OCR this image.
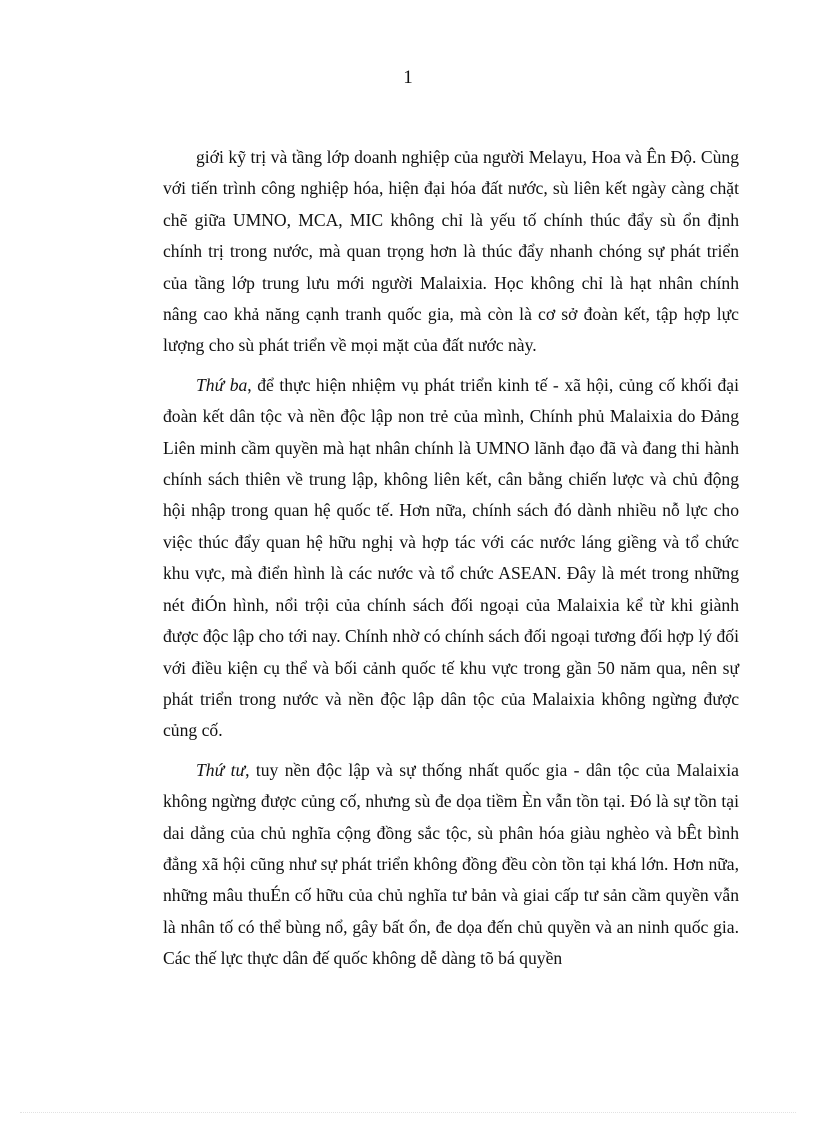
1

giới kỹ trị và tầng lớp doanh nghiệp của người Melayu, Hoa và Ên Độ. Cùng với tiến trình công nghiệp hóa, hiện đại hóa đất nước, sù liên kết ngày càng chặt chẽ giữa UMNO, MCA, MIC không chỉ là yếu tố chính thúc đẩy sù ổn định chính trị trong nước, mà quan trọng hơn là thúc đẩy nhanh chóng sự phát triển của tầng lớp trung lưu mới người Malaixia. Học không chỉ là hạt nhân chính nâng cao khả năng cạnh tranh quốc gia, mà còn là cơ sở đoàn kết, tập hợp lực lượng cho sù phát triển về mọi mặt của đất nước này.

Thứ ba, để thực hiện nhiệm vụ phát triển kinh tế - xã hội, củng cố khối đại đoàn kết dân tộc và nền độc lập non trẻ của mình, Chính phủ Malaixia do Đảng Liên minh cầm quyền mà hạt nhân chính là UMNO lãnh đạo đã và đang thi hành chính sách thiên về trung lập, không liên kết, cân bằng chiến lược và chủ động hội nhập trong quan hệ quốc tế. Hơn nữa, chính sách đó dành nhiều nỗ lực cho việc thúc đẩy quan hệ hữu nghị và hợp tác với các nước láng giềng và tổ chức khu vực, mà điển hình là các nước và tổ chức ASEAN. Đây là mét trong những nét điÓn hình, nổi trội của chính sách đối ngoại của Malaixia kể từ khi giành được độc lập cho tới nay. Chính nhờ có chính sách đối ngoại tương đối hợp lý đối với điều kiện cụ thể và bối cảnh quốc tế khu vực trong gần 50 năm qua, nên sự phát triển trong nước và nền độc lập dân tộc của Malaixia không ngừng được củng cố.

Thứ tư, tuy nền độc lập và sự thống nhất quốc gia - dân tộc của Malaixia không ngừng được củng cố, nhưng sù đe dọa tiềm Èn vẫn tồn tại. Đó là sự tồn tại dai dẳng của chủ nghĩa cộng đồng sắc tộc, sù phân hóa giàu nghèo và bÊt bình đẳng xã hội cũng như sự phát triển không đồng đều còn tồn tại khá lớn. Hơn nữa, những mâu thuÉn cố hữu của chủ nghĩa tư bản và giai cấp tư sản cầm quyền vẫn là nhân tố có thể bùng nổ, gây bất ổn, đe dọa đến chủ quyền và an ninh quốc gia. Các thế lực thực dân đế quốc không dễ dàng tõ bá quyền
